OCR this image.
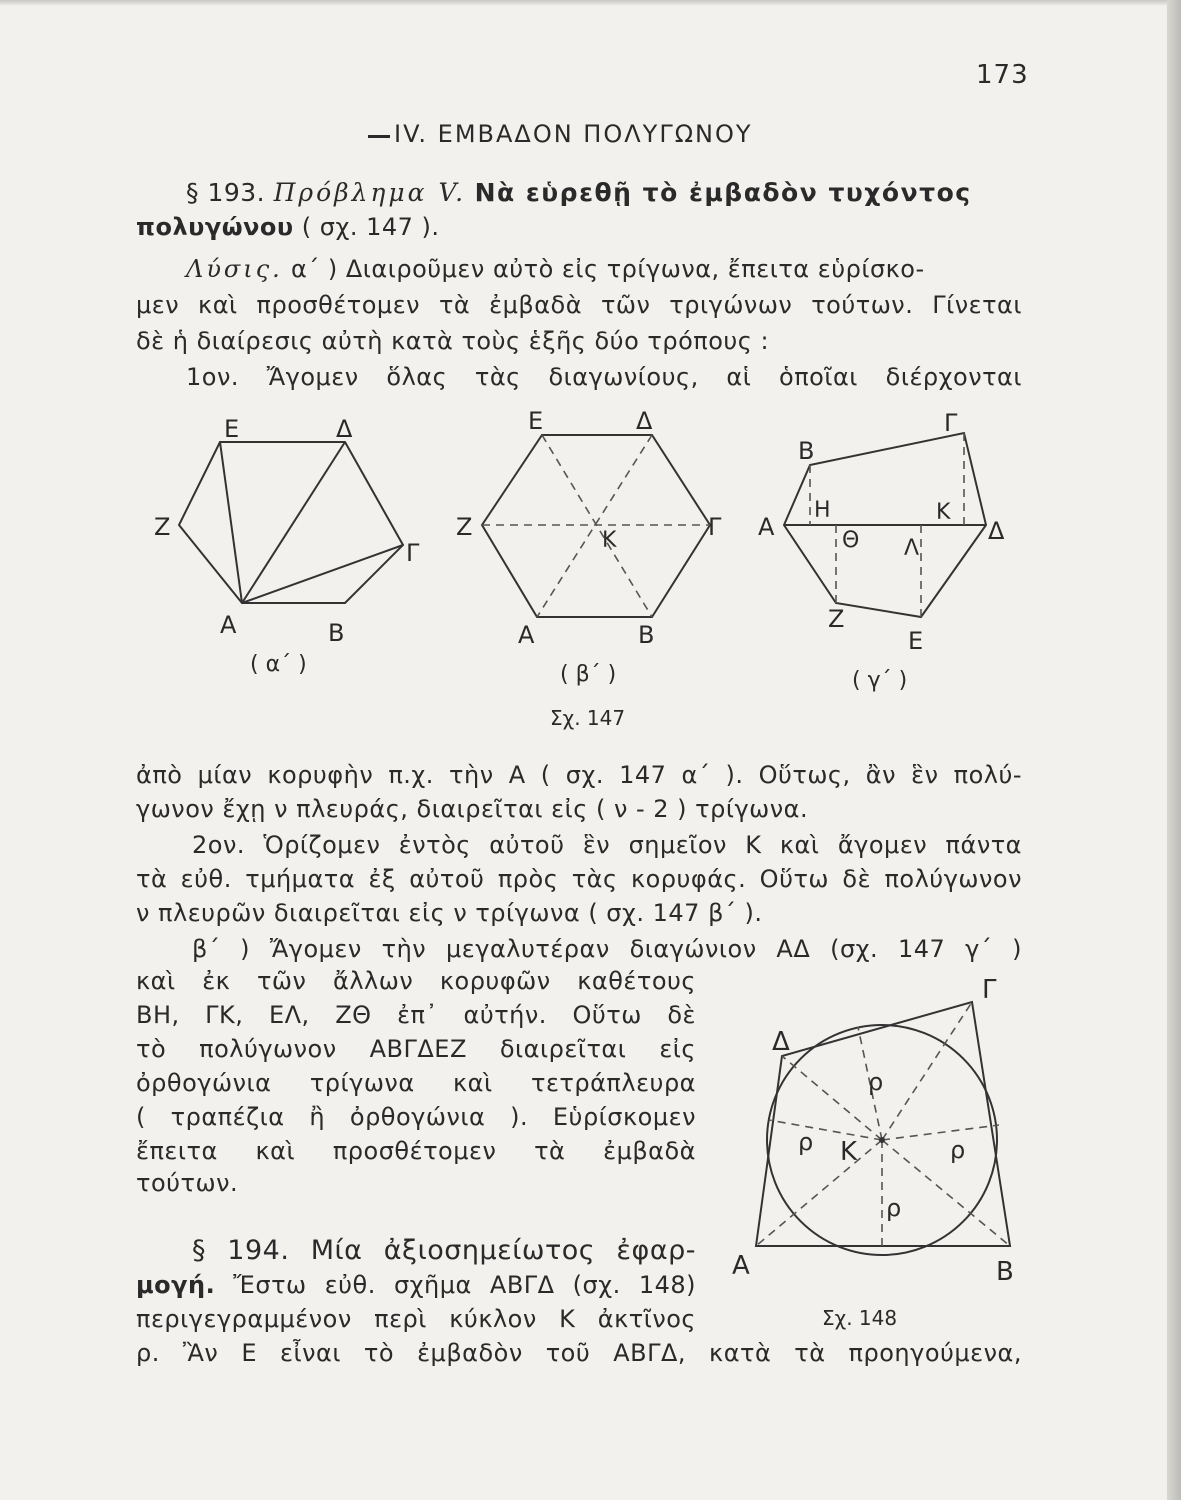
173
IV. ΕΜΒΑΔΟΝ ΠΟΛΥΓΩΝΟΥ
§ 193. Πρόβλημα V. Νὰ εὑρεθῇ τὸ ἐμβαδὸν τυχόντος
πολυγώνου ( σχ. 147 ).
Λύσις. α΄ ) Διαιροῦμεν αὐτὸ εἰς τρίγωνα, ἔπειτα εὑρίσκο-
μεν καὶ προσθέτομεν τὰ ἐμβαδὰ τῶν τριγώνων τούτων. Γίνεται
δὲ ἡ διαίρεσις αὐτὴ κατὰ τοὺς ἑξῆς δύο τρόπους :
1ον. Ἄγομεν ὅλας τὰς διαγωνίους, αἱ ὁποῖαι διέρχονται
Ε	Δ
Ζ
Γ
Α	Β
( α΄ )
Ε	Δ
Ζ	Γ
Κ
Α	Β
( β΄ )
Γ
Β
Η	Κ
Α	Δ
Θ Λ
Ζ
Ε
( γ΄ )
Σχ. 147
ἀπὸ μίαν κορυφὴν π.χ. τὴν Α ( σχ. 147 α΄ ). Οὕτως, ἂν ἓν πολύ-
γωνον ἔχῃ ν πλευράς, διαιρεῖται εἰς ( ν - 2 ) τρίγωνα.
2ον. Ὁρίζομεν ἐντὸς αὐτοῦ ἓν σημεῖον Κ καὶ ἄγομεν πάντα
τὰ εὐθ. τμήματα ἐξ αὐτοῦ πρὸς τὰς κορυφάς. Οὕτω δὲ πολύγωνον
ν πλευρῶν διαιρεῖται εἰς ν τρίγωνα ( σχ. 147 β΄ ).
β΄ ) Ἄγομεν τὴν μεγαλυτέραν διαγώνιον ΑΔ (σχ. 147 γ΄ )
καὶ ἐκ τῶν ἄλλων κορυφῶν καθέτους
ΒΗ, ΓΚ, ΕΛ, ΖΘ ἐπ᾽ αὐτήν. Οὕτω δὲ
τὸ πολύγωνον ΑΒΓΔΕΖ διαιρεῖται εἰς
ὀρθογώνια τρίγωνα καὶ τετράπλευρα
( τραπέζια ἢ ὀρθογώνια ). Εὑρίσκομεν
ἔπειτα καὶ προσθέτομεν τὰ ἐμβαδὰ
τούτων.
§ 194. Μία ἀξιοσημείωτος ἐφαρ-
μογή. Ἔστω εὐθ. σχῆμα ΑΒΓΔ (σχ. 148)
περιγεγραμμένον περὶ κύκλον Κ ἀκτῖνος
ρ. Ἂν Ε εἶναι τὸ ἐμβαδὸν τοῦ ΑΒΓΔ, κατὰ τὰ προηγούμενα,
Γ
Δ
Α	Β
Κ
ρ
ρ	ρ
ρ
Σχ. 148
